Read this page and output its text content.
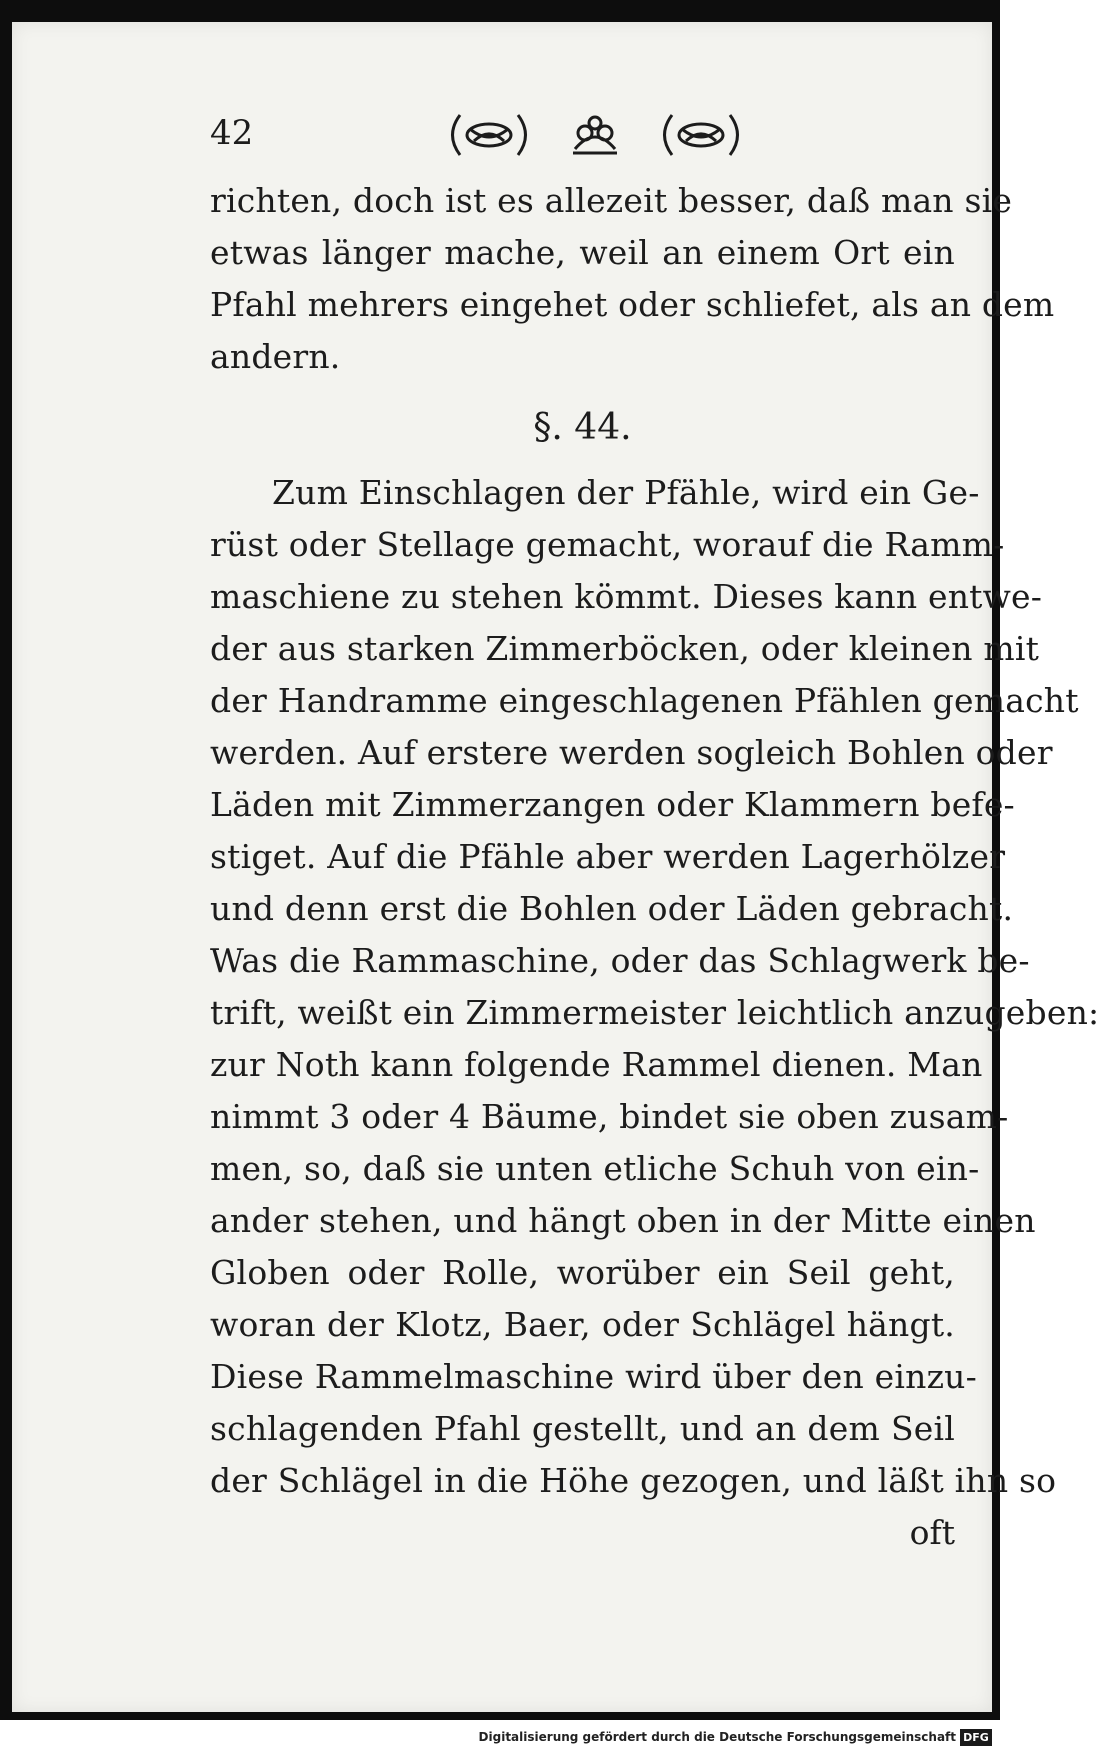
42
richten, doch ist es allezeit besser, daß man sie
etwas länger mache, weil an einem Ort ein
Pfahl mehrers eingehet oder schliefet, als an dem
andern.
§. 44.
Zum Einschlagen der Pfähle, wird ein Ge-
rüst oder Stellage gemacht, worauf die Ramm-
maschiene zu stehen kömmt. Dieses kann entwe-
der aus starken Zimmerböcken, oder kleinen mit
der Handramme eingeschlagenen Pfählen gemacht
werden. Auf erstere werden sogleich Bohlen oder
Läden mit Zimmerzangen oder Klammern befe-
stiget. Auf die Pfähle aber werden Lagerhölzer
und denn erst die Bohlen oder Läden gebracht.
Was die Rammaschine, oder das Schlagwerk be-
trift, weißt ein Zimmermeister leichtlich anzugeben:
zur Noth kann folgende Rammel dienen. Man
nimmt 3 oder 4 Bäume, bindet sie oben zusam-
men, so, daß sie unten etliche Schuh von ein-
ander stehen, und hängt oben in der Mitte einen
Globen oder Rolle, worüber ein Seil geht,
woran der Klotz, Baer, oder Schlägel hängt.
Diese Rammelmaschine wird über den einzu-
schlagenden Pfahl gestellt, und an dem Seil
der Schlägel in die Höhe gezogen, und läßt ihn so
oft
Digitalisierung gefördert durch die Deutsche Forschungsgemeinschaft DFG
